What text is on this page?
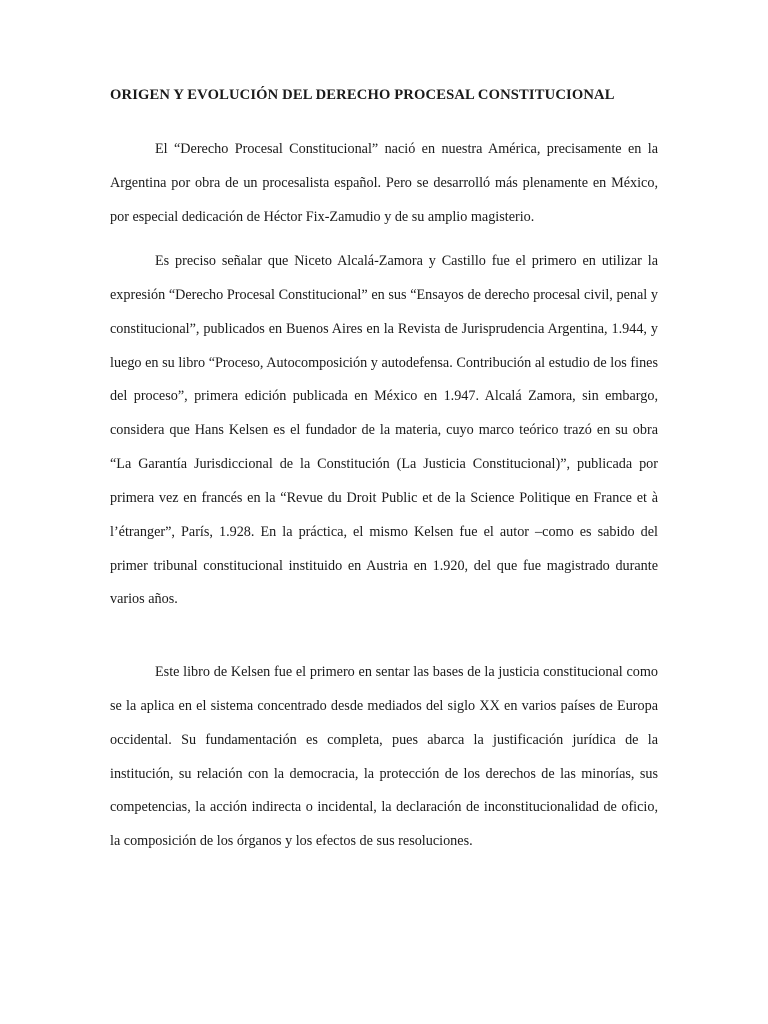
ORIGEN Y EVOLUCIÓN DEL DERECHO PROCESAL CONSTITUCIONAL

El “Derecho Procesal Constitucional” nació en nuestra América, precisamente en la Argentina por obra de un procesalista español. Pero se desarrolló más plenamente en México, por especial dedicación de Héctor Fix-Zamudio y de su amplio magisterio.

Es preciso señalar que Niceto Alcalá-Zamora y Castillo fue el primero en utilizar la expresión “Derecho Procesal Constitucional” en sus “Ensayos de derecho procesal civil, penal y constitucional”, publicados en Buenos Aires en la Revista de Jurisprudencia Argentina, 1.944, y luego en su libro “Proceso, Autocomposición y autodefensa. Contribución al estudio de los fines del proceso”, primera edición publicada en México en 1.947. Alcalá Zamora, sin embargo, considera que Hans Kelsen es el fundador de la materia, cuyo marco teórico trazó en su obra “La Garantía Jurisdiccional de la Constitución (La Justicia Constitucional)”, publicada por primera vez en francés en la “Revue du Droit Public et de la Science Politique en France et à l’étranger”, París, 1.928. En la práctica, el mismo Kelsen fue el autor –como es sabido del primer tribunal constitucional instituido en Austria en 1.920, del que fue magistrado durante varios años.

Este libro de Kelsen fue el primero en sentar las bases de la justicia constitucional como se la aplica en el sistema concentrado desde mediados del siglo XX en varios países de Europa occidental. Su fundamentación es completa, pues abarca la justificación jurídica de la institución, su relación con la democracia, la protección de los derechos de las minorías, sus competencias, la acción indirecta o incidental, la declaración de inconstitucionalidad de oficio, la composición de los órganos y los efectos de sus resoluciones.
